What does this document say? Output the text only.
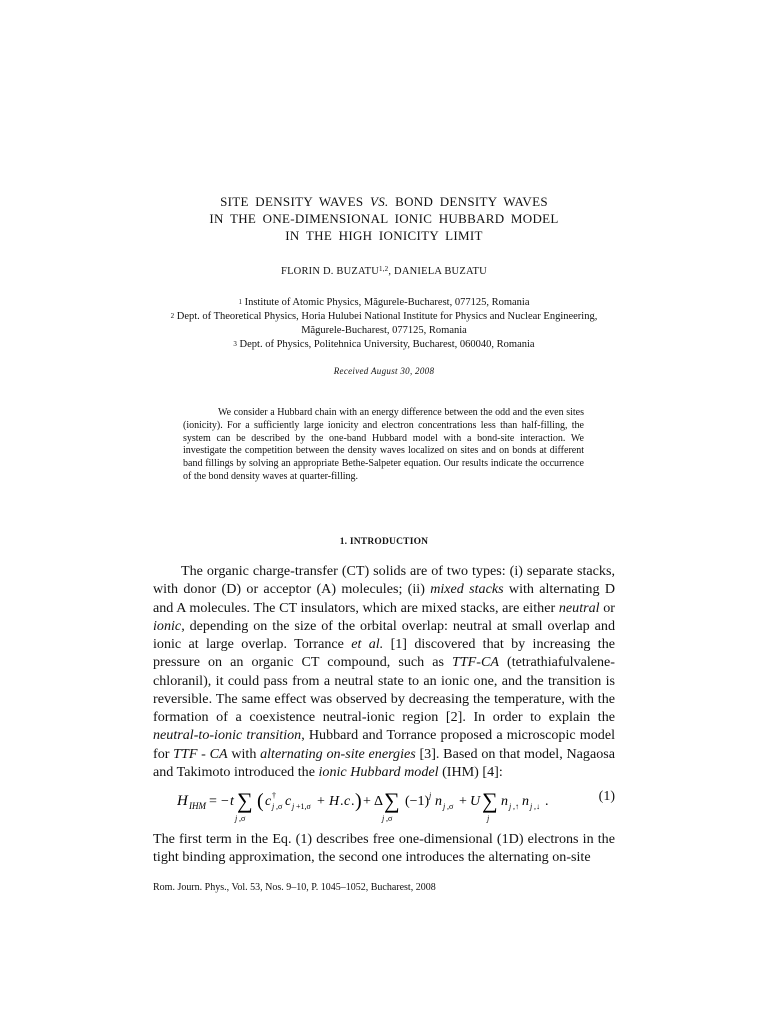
SITE DENSITY WAVES VS. BOND DENSITY WAVES
IN THE ONE-DIMENSIONAL IONIC HUBBARD MODEL
IN THE HIGH IONICITY LIMIT
FLORIN D. BUZATU$^{1,2}$, DANIELA BUZATU

$^1$ Institute of Atomic Physics, Măgurele-Bucharest, 077125, Romania

$^2$ Dept. of Theoretical Physics, Horia Hulubei National Institute for Physics and Nuclear Engineering, Măgurele-Bucharest, 077125, Romania

$^3$ Dept. of Physics, Politehnica University, Bucharest, 060040, Romania

Received August 30, 2008
We consider a Hubbard chain with an energy difference between the odd and the even sites (ionicity). For a sufficiently large ionicity and electron concentrations less than half-filling, the system can be described by the one-band Hubbard model with a bond-site interaction. We investigate the competition between the density waves localized on sites and on bonds at different band fillings by solving an appropriate Bethe-Salpeter equation. Our results indicate the occurrence of the bond density waves at quarter-filling.
1. INTRODUCTION

The organic charge-transfer (CT) solids are of two types: (i) separate stacks, with donor (D) or acceptor (A) molecules; (ii) mixed stacks with alternating D and A molecules. The CT insulators, which are mixed stacks, are either neutral or ionic, depending on the size of the orbital overlap: neutral at small overlap and ionic at large overlap. Torrance et al. [1] discovered that by increasing the pressure on an organic CT compound, such as TTF-CA (tetrathiafulvalene-chloranil), it could pass from a neutral state to an ionic one, and the transition is reversible. The same effect was observed by decreasing the temperature, with the formation of a coexistence neutral-ionic region [2]. In order to explain the neutral-to-ionic transition, Hubbard and Torrance proposed a microscopic model for TTF - CA with alternating on-site energies [3]. Based on that model, Nagaosa and Takimoto introduced the ionic Hubbard model (IHM) [4]:

H IHM = − t ∑
j ,σ
( c †
j ,σ c j +1,σ + H . c . ) + Δ ∑
j ,σ
(−1) j n j ,σ + U ∑
j
n j ,↑ n j ,↓ .	(1)
The first term in the Eq. (1) describes free one-dimensional (1D) electrons in the tight binding approximation, the second one introduces the alternating on-site
Rom. Journ. Phys., Vol. 53, Nos. 9–10, P. 1045–1052, Bucharest, 2008
